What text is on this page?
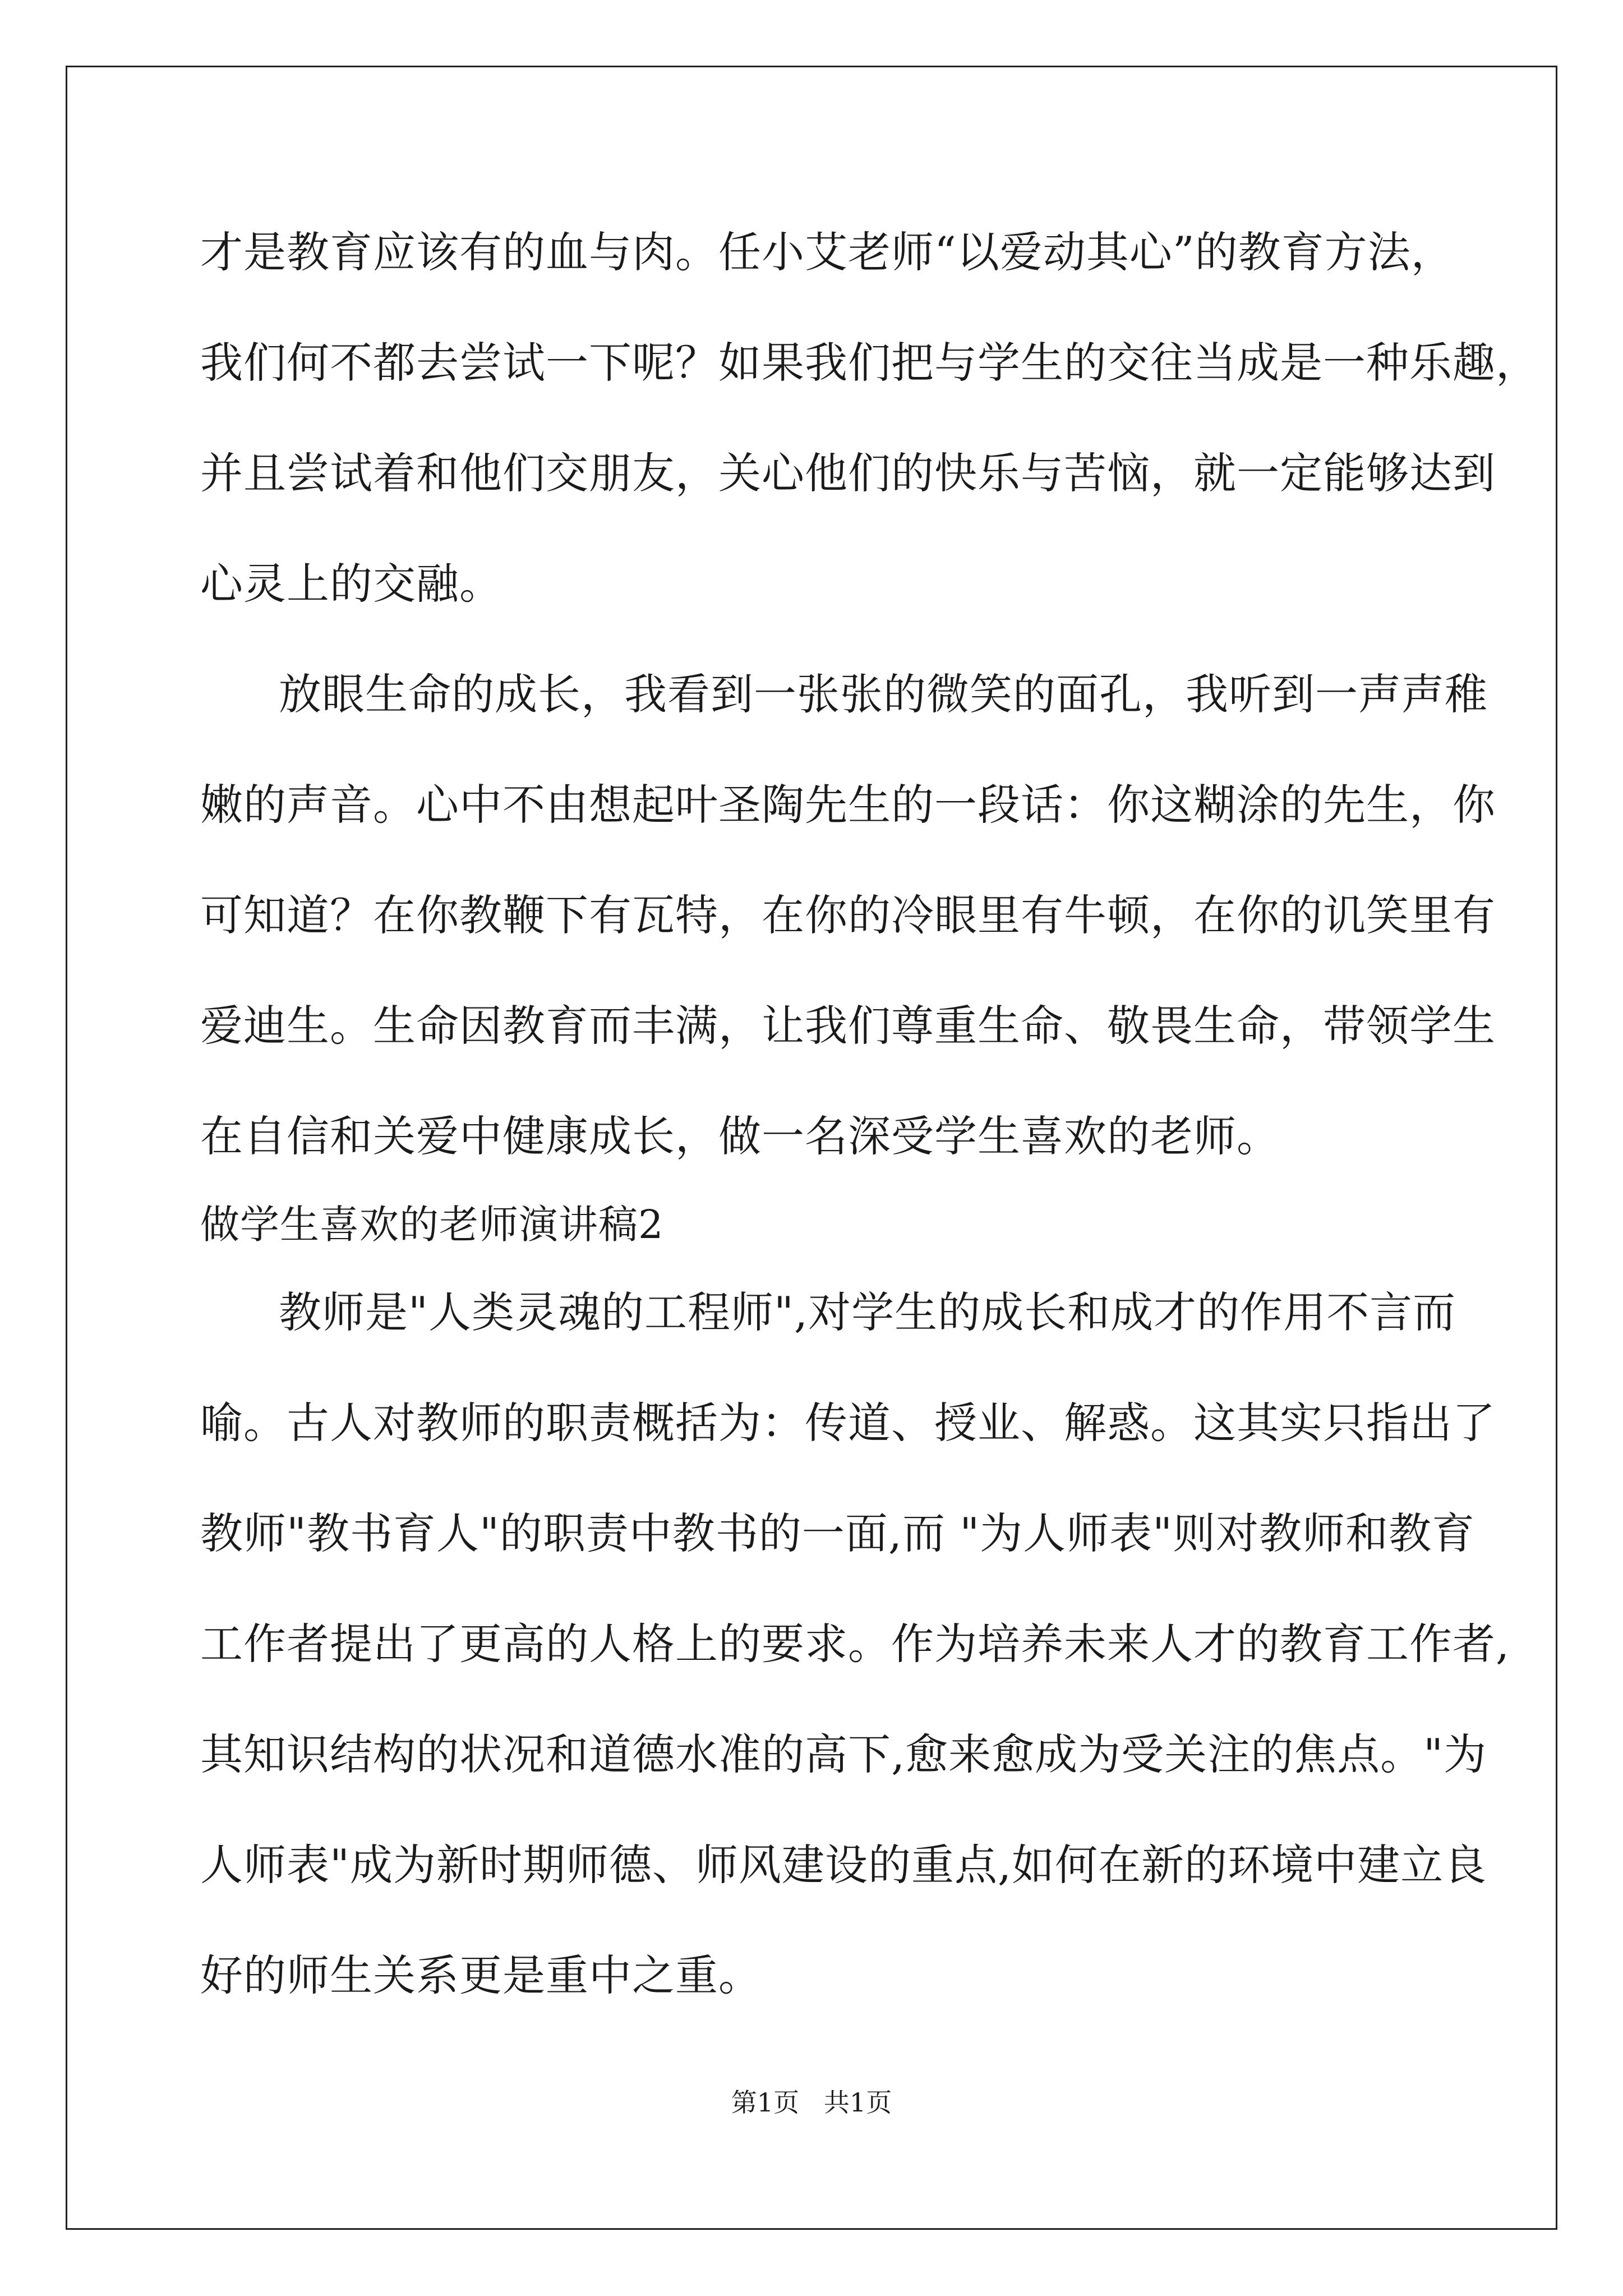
才是教育应该有的血与肉。任小艾老师“以爱动其心”的教育方法，
我们何不都去尝试一下呢？如果我们把与学生的交往当成是一种乐趣，
并且尝试着和他们交朋友，关心他们的快乐与苦恼，就一定能够达到
心灵上的交融。
放眼生命的成长，我看到一张张的微笑的面孔，我听到一声声稚
嫩的声音。心中不由想起叶圣陶先生的一段话：你这糊涂的先生，你
可知道？在你教鞭下有瓦特，在你的冷眼里有牛顿，在你的讥笑里有
爱迪生。生命因教育而丰满，让我们尊重生命、敬畏生命，带领学生
在自信和关爱中健康成长，做一名深受学生喜欢的老师。
做学生喜欢的老师演讲稿2
教师是"人类灵魂的工程师",对学生的成长和成才的作用不言而
喻。古人对教师的职责概括为：传道、授业、解惑。这其实只指出了
教师"教书育人"的职责中教书的一面,而 "为人师表"则对教师和教育
工作者提出了更高的人格上的要求。作为培养未来人才的教育工作者,
其知识结构的状况和道德水准的高下,愈来愈成为受关注的焦点。"为
人师表"成为新时期师德、师风建设的重点,如何在新的环境中建立良
好的师生关系更是重中之重。
第1页   共1页
